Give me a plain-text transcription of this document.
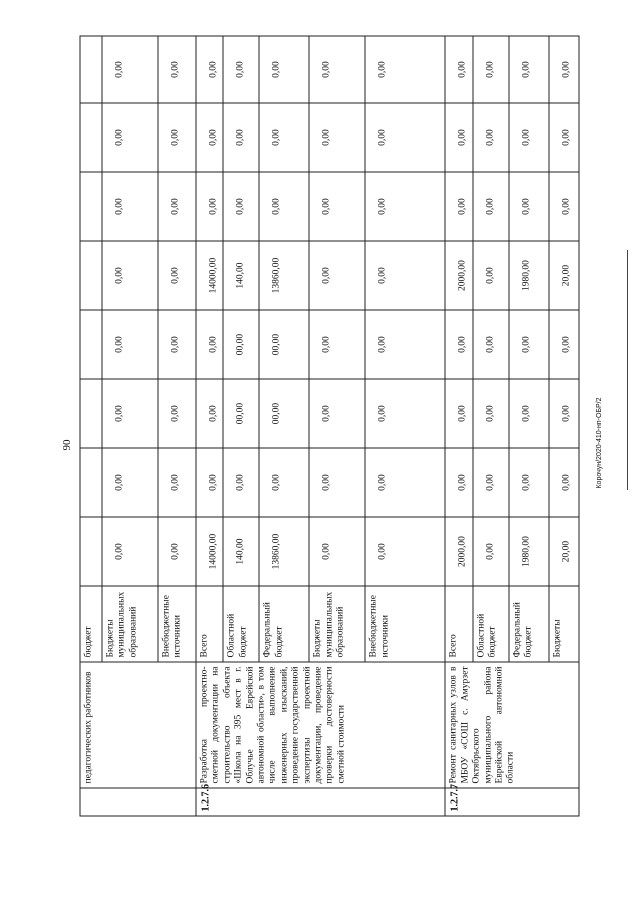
90	Корочун/2020-410-нп-ОБР/2
	педагогических работников	бюджет								
		Бюджеты муниципальных образований	0,00	0,00	0,00	0,00	0,00	0,00	0,00	0,00
		Внебюджетные источники	0,00	0,00	0,00	0,00	0,00	0,00	0,00	0,00
1.2.7.6	Разработка проектно-сметной документации на строительство объекта «Школа на 395 мест в г. Облучье Еврейской автономной области», в том числе выполнение инженерных изысканий, проведение государственной экспертизы проектной документации, проведение проверки достоверности сметной стоимости	Всего	14000,00	0,00	0,00	0,00	14000,00	0,00	0,00	0,00
		Областной бюджет	140,00	0,00	00,00	00,00	140,00	0,00	0,00	0,00
		Федеральный бюджет	13860,00	0,00	00,00	00,00	13860,00	0,00	0,00	0,00
		Бюджеты муниципальных образований	0,00	0,00	0,00	0,00	0,00	0,00	0,00	0,00
		Внебюджетные источники	0,00	0,00	0,00	0,00	0,00	0,00	0,00	0,00
1.2.7.7	Ремонт санитарных узлов в МБОУ «СОШ с. Амурзет Октябрьского муниципального района Еврейской автономной области	Всего	2000,00	0,00	0,00	0,00	2000,00	0,00	0,00	0,00
		Областной бюджет	0,00	0,00	0,00	0,00	0,00	0,00	0,00	0,00
		Федеральный бюджет	1980,00	0,00	0,00	0,00	1980,00	0,00	0,00	0,00
		Бюджеты	20,00	0,00	0,00	0,00	20,00	0,00	0,00	0,00
